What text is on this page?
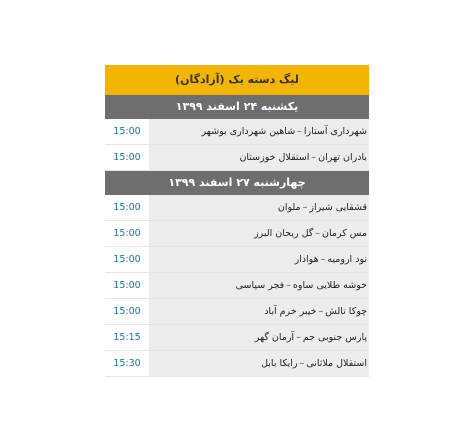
لیگ دسته یک (آزادگان)
یکشنبه ۲۴ اسفند ۱۳۹۹
شهرداری آستارا–شاهین شهرداری بوشهر
15:00
بادران تهران–استقلال خوزستان
15:00
چهارشنبه ۲۷ اسفند ۱۳۹۹
قشقایی شیراز–ملوان
15:00
مس کرمان–گل ریحان البرز
15:00
نود ارومیه–هوادار
15:00
خوشه طلایی ساوه–فجر سپاسی
15:00
چوکا تالش–خیبر خرم آباد
15:00
پارس جنوبی جم–آرمان گهر
15:15
استقلال ملاثانی–رایکا بابل
15:30
